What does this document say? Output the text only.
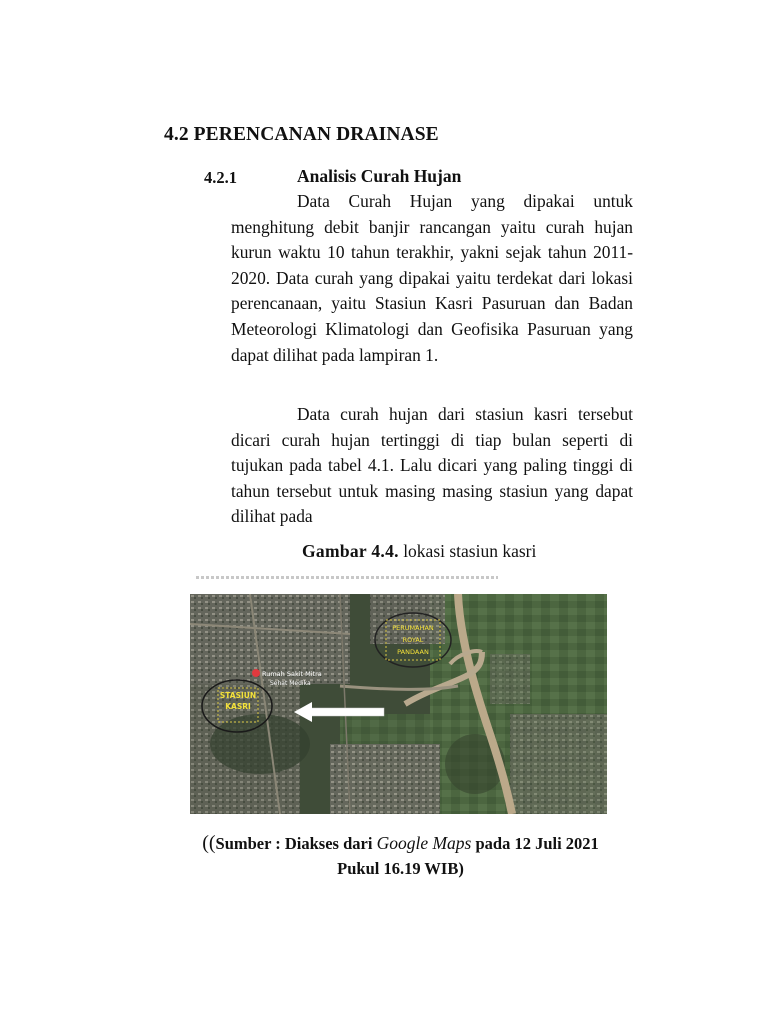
4.2 PERENCANAN DRAINASE
4.2.1	Analisis Curah Hujan

Data Curah Hujan yang dipakai untuk menghitung debit banjir rancangan yaitu curah hujan kurun waktu 10 tahun terakhir, yakni sejak tahun 2011-2020. Data curah yang dipakai yaitu terdekat dari lokasi perencanaan, yaitu Stasiun Kasri Pasuruan dan Badan Meteorologi Klimatologi dan Geofisika Pasuruan yang dapat dilihat pada lampiran 1.

Data curah hujan dari stasiun kasri tersebut dicari curah hujan tertinggi di tiap bulan seperti di tujukan pada tabel 4.1. Lalu dicari yang paling tinggi di tahun tersebut untuk masing masing stasiun yang dapat dilihat pada

Gambar 4.4. lokasi stasiun kasri
PERUMAHAN
ROYAL
PANDAAN
Rumah Sakit Mitra
Sehat Medika
STASIUN
KASRI
((Sumber : Diakses dari Google Maps pada 12 Juli 2021
Pukul 16.19 WIB)
